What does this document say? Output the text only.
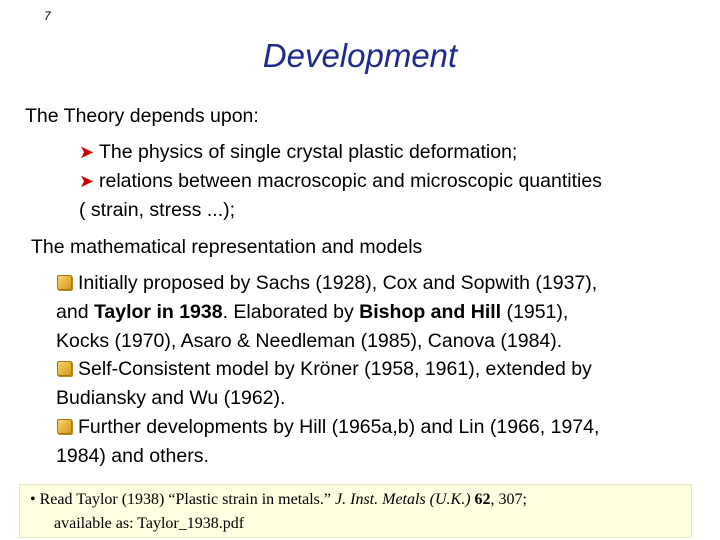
7
Development
The Theory depends upon:
➤ The physics of single crystal plastic deformation;
➤ relations between macroscopic and microscopic quantities
( strain, stress ...);
The mathematical representation and models
Initially proposed by Sachs (1928), Cox and Sopwith (1937),
and Taylor in 1938. Elaborated by Bishop and Hill (1951),
Kocks (1970), Asaro & Needleman (1985), Canova (1984).
Self-Consistent model by Kröner (1958, 1961), extended by
Budiansky and Wu (1962).
Further developments by Hill (1965a,b) and Lin (1966, 1974,
1984) and others.
• Read Taylor (1938) “Plastic strain in metals.” J. Inst. Metals (U.K.) 62, 307;
available as: Taylor_1938.pdf
